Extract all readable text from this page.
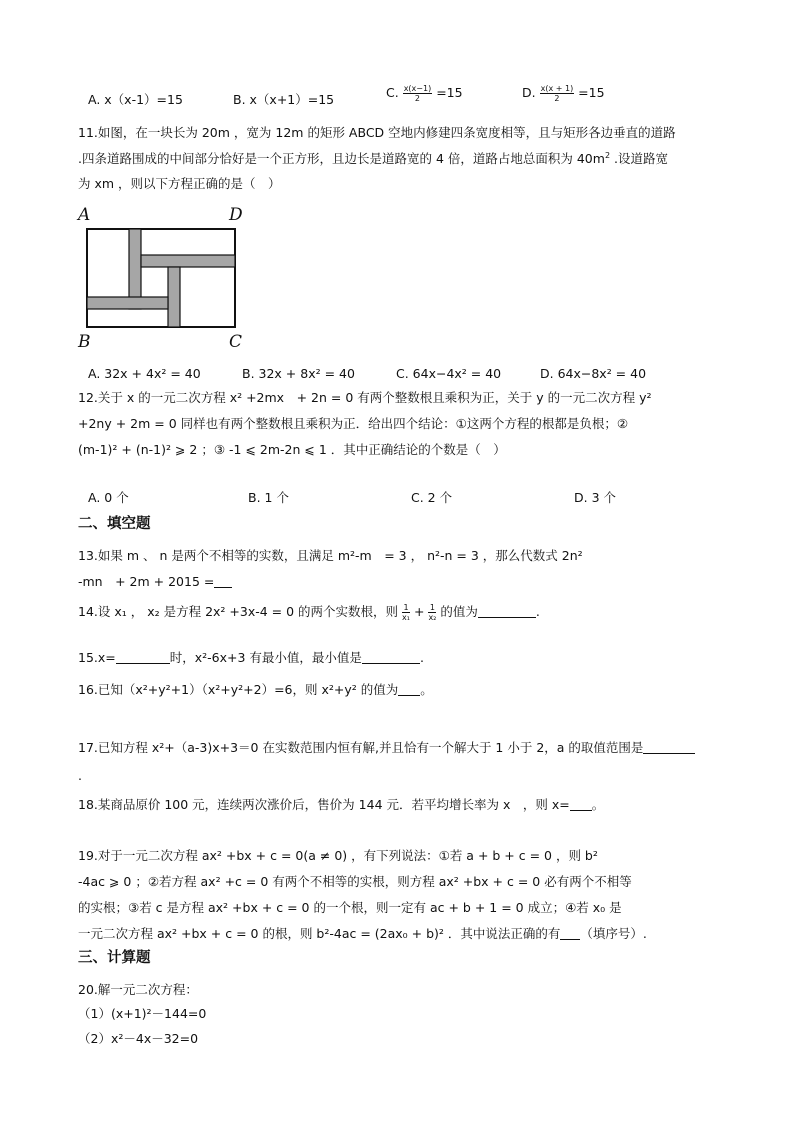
A. x（x-1）=15	B. x（x+1）=15	C. $\frac{x(x-1)}{2} =15$	D. $\frac{x(x + 1)}{2} =15$
11.如图，在一块长为 20m ，宽为 12m 的矩形 ABCD 空地内修建四条宽度相等，且与矩形各边垂直的道路
.四条道路围成的中间部分恰好是一个正方形，且边长是道路宽的 4 倍，道路占地总面积为 $40m^2$ .设道路宽
为 xm ，则以下方程正确的是（　）
A	D
B	C
A. 32x + 4x² = 40	B. 32x + 8x² = 40	C. 64x−4x² = 40	D. 64x−8x² = 40
12.关于 x 的一元二次方程 x² +2mx　+ 2n = 0 有两个整数根且乘积为正，关于 y 的一元二次方程 y²
+2ny + 2m = 0 同样也有两个整数根且乘积为正．给出四个结论：①这两个方程的根都是负根；②
(m-1)² + (n-1)² ⩾ 2 ；③ -1 ⩽ 2m-2n ⩽ 1 ．其中正确结论的个数是（　）
A. 0 个	B. 1 个	C. 2 个	D. 3 个
二、填空题
13.如果 m 、 n 是两个不相等的实数，且满足 m²-m　= 3 ， n²-n = 3 ，那么代数式 2n²
-mn　+ 2m + 2015 =
14.设 x₁ ， x₂ 是方程 2x² +3x-4 = 0 的两个实数根，则 $\frac{1}{\text{x₁}} + \frac{1}{\text{x₂}}$ 的值为	.
15.x=	时，x²-6x+3 有最小值，最小值是	.
16.已知（x²+y²+1）（x²+y²+2）=6，则 x²+y² 的值为 。
17.已知方程 x²+（a-3)x+3＝0 在实数范围内恒有解,并且恰有一个解大于 1 小于 2，a 的取值范围是
.
18.某商品原价 100 元，连续两次涨价后，售价为 144 元．若平均增长率为 x　，则 x= 。
19.对于一元二次方程 ax² +bx + c = 0(a ≠ 0) ，有下列说法：①若 a + b + c = 0 ，则 b²
-4ac ⩾ 0 ；②若方程 ax² +c = 0 有两个不相等的实根，则方程 ax² +bx + c = 0 必有两个不相等
的实根；③若 c 是方程 ax² +bx + c = 0 的一个根，则一定有 ac + b + 1 = 0 成立；④若 x₀ 是
一元二次方程 ax² +bx + c = 0 的根，则 b²-4ac = (2ax₀ + b)² ．其中说法正确的有 （填序号）.
三、计算题
20.解一元二次方程：
（1）(x+1)²－144=0
（2）x²－4x－32=0
